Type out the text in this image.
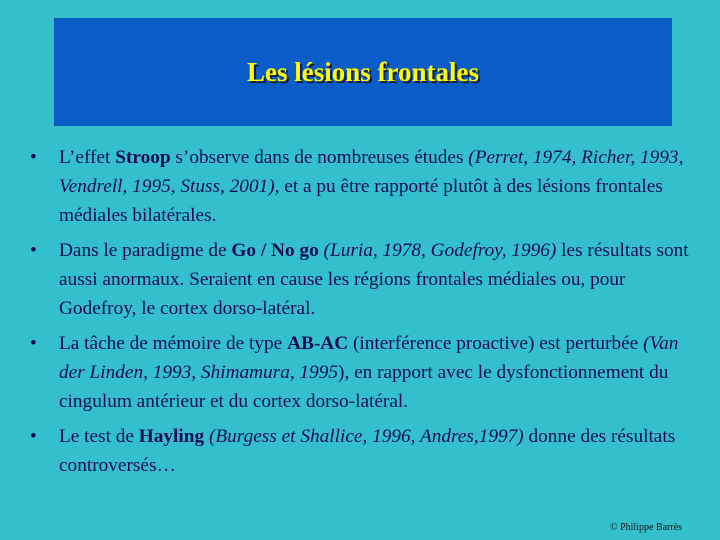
Les lésions frontales
• L’effet Stroop s’observe dans de nombreuses études (Perret, 1974, Richer, 1993, Vendrell, 1995, Stuss, 2001), et a pu être rapporté plutôt à des lésions frontales médiales bilatérales.
• Dans le paradigme de Go / No go (Luria, 1978, Godefroy, 1996) les résultats sont aussi anormaux. Seraient en cause les régions frontales médiales ou, pour Godefroy, le cortex dorso-latéral.
• La tâche de mémoire de type AB-AC (interférence proactive) est perturbée (Van der Linden, 1993, Shimamura, 1995), en rapport avec le dysfonctionnement du cingulum antérieur et du cortex dorso-latéral.
• Le test de Hayling (Burgess et Shallice, 1996, Andres,1997) donne des résultats controversés…
© Philippe Barrès
